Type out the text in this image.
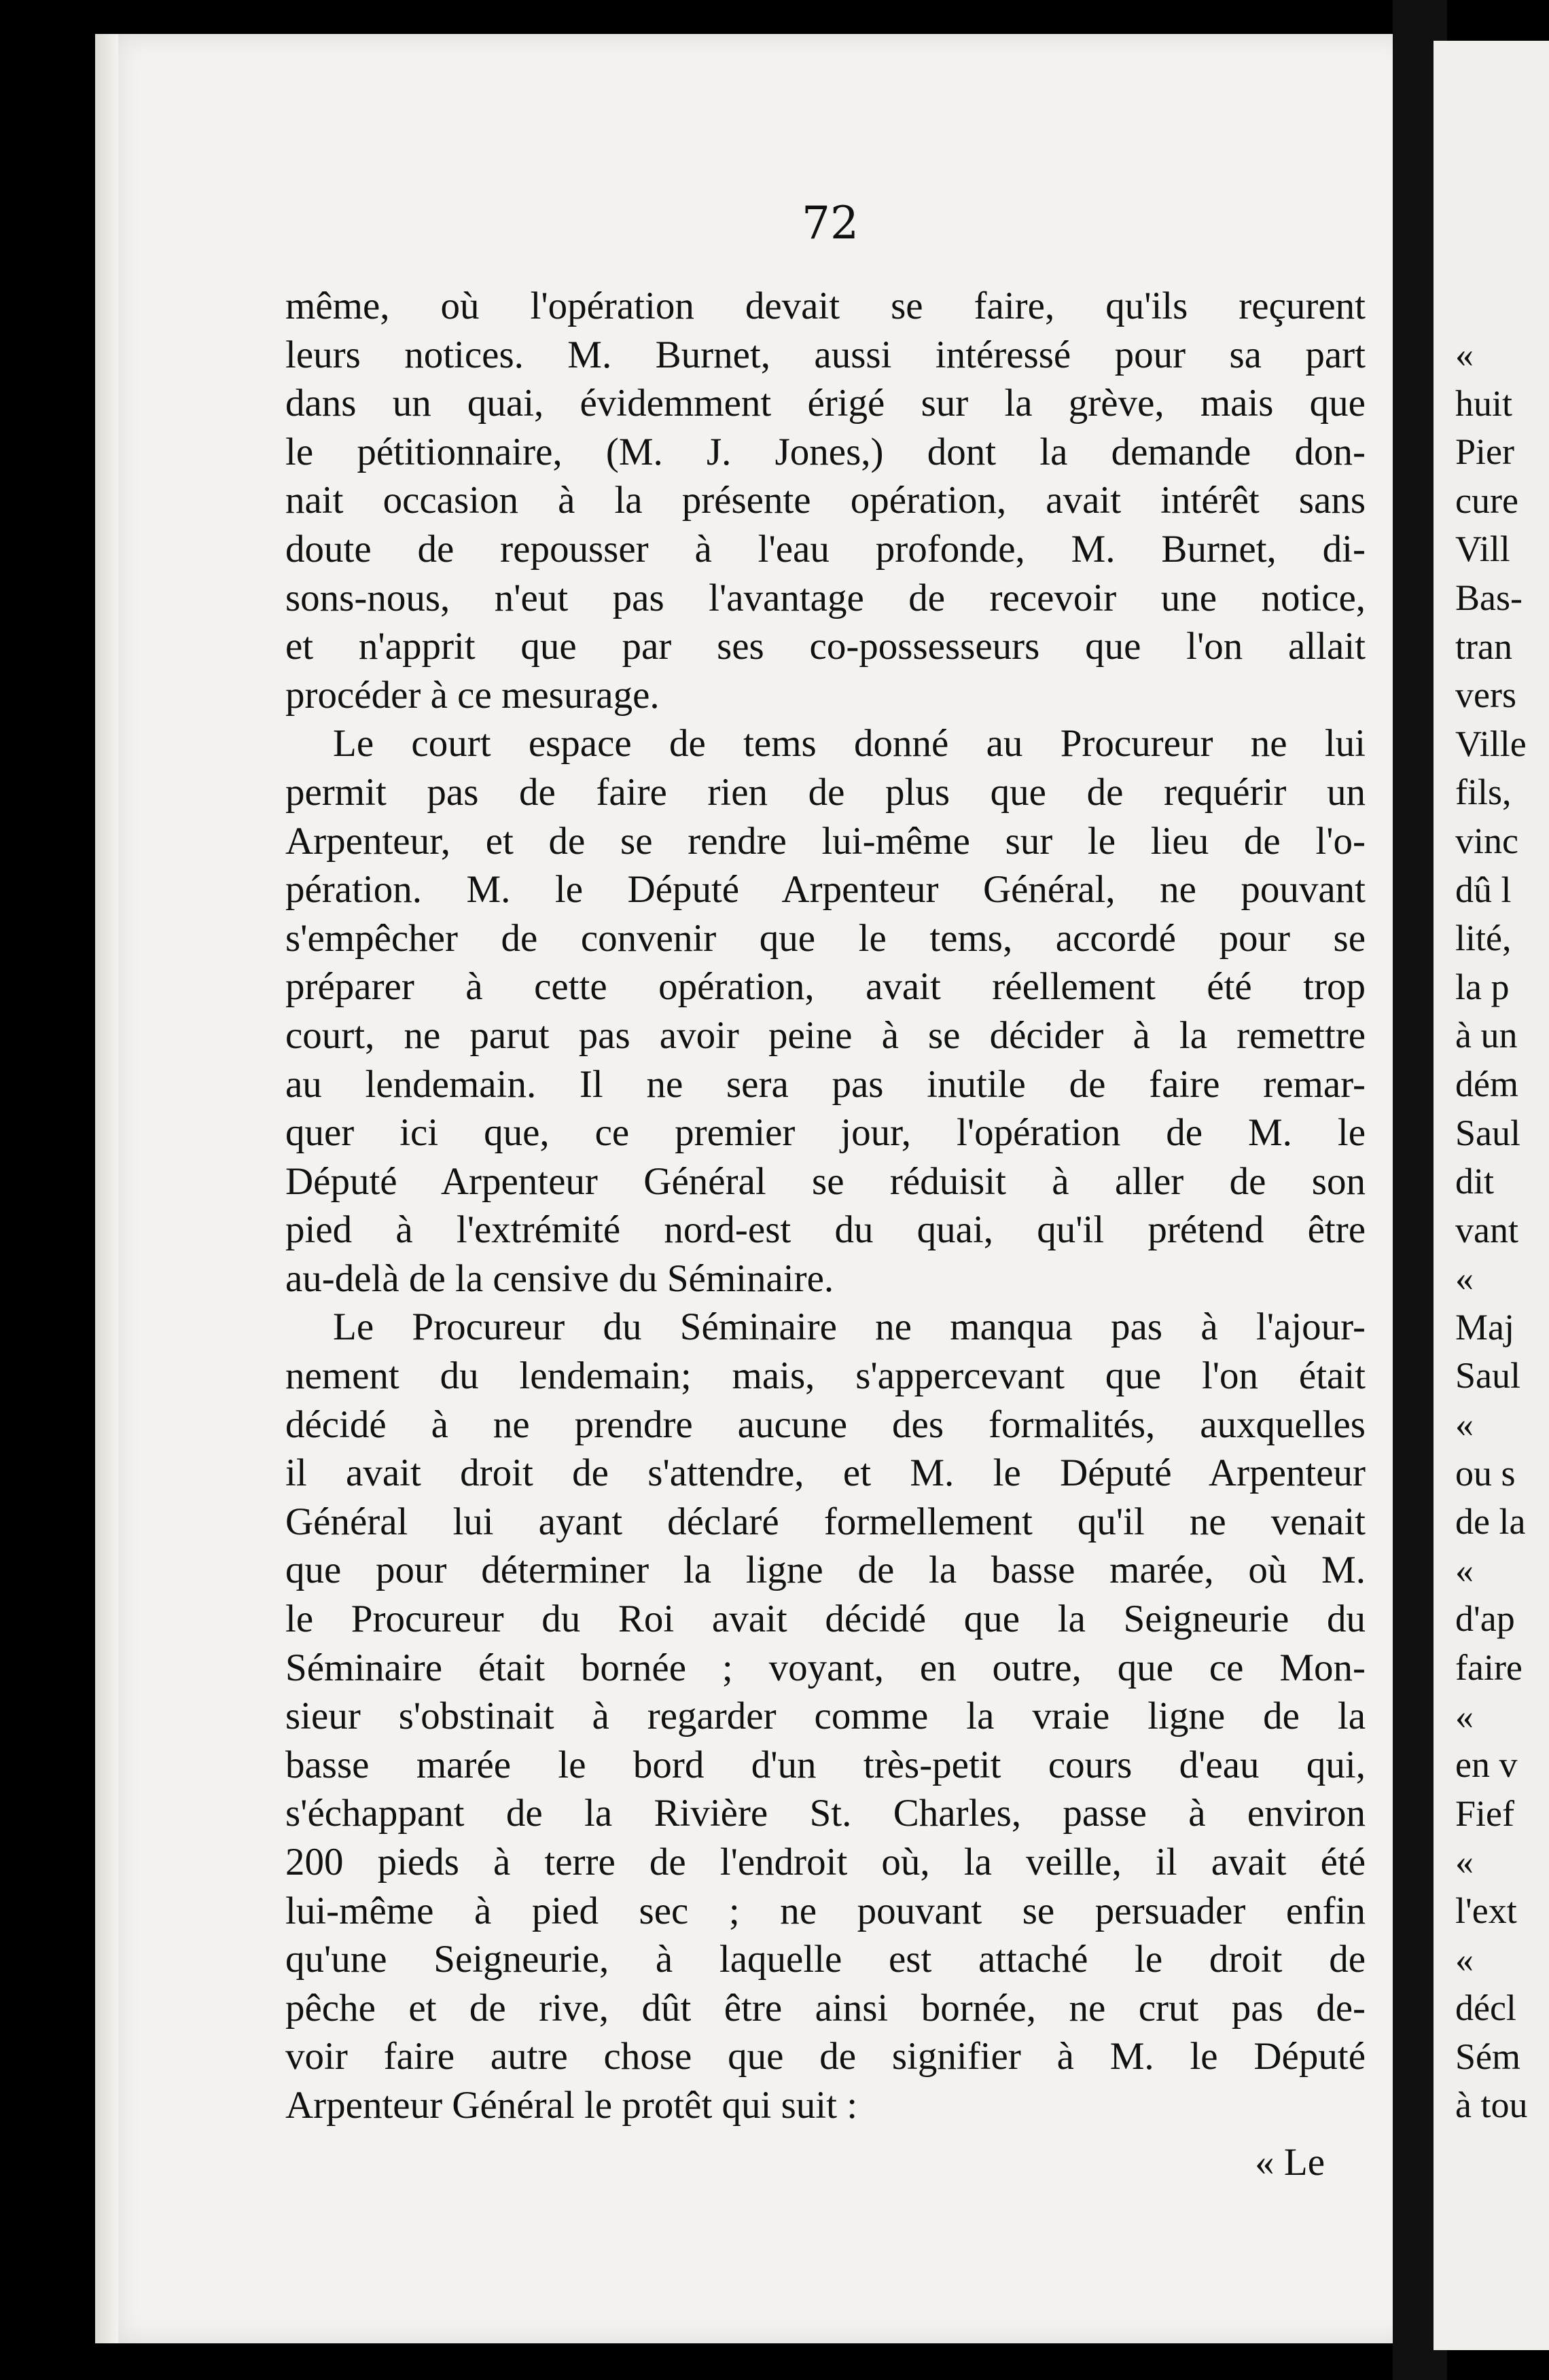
72
même, où l'opération devait se faire, qu'ils reçurent
leurs notices. M. Burnet, aussi intéressé pour sa part
dans un quai, évidemment érigé sur la grève, mais que
le pétitionnaire, (M. J. Jones,) dont la demande don-
nait occasion à la présente opération, avait intérêt sans
doute de repousser à l'eau profonde, M. Burnet, di-
sons-nous, n'eut pas l'avantage de recevoir une notice,
et n'apprit que par ses co-possesseurs que l'on allait
procéder à ce mesurage.
Le court espace de tems donné au Procureur ne lui
permit pas de faire rien de plus que de requérir un
Arpenteur, et de se rendre lui-même sur le lieu de l'o-
pération. M. le Député Arpenteur Général, ne pouvant
s'empêcher de convenir que le tems, accordé pour se
préparer à cette opération, avait réellement été trop
court, ne parut pas avoir peine à se décider à la remettre
au lendemain. Il ne sera pas inutile de faire remar-
quer ici que, ce premier jour, l'opération de M. le
Député Arpenteur Général se réduisit à aller de son
pied à l'extrémité nord-est du quai, qu'il prétend être
au-delà de la censive du Séminaire.
Le Procureur du Séminaire ne manqua pas à l'ajour-
nement du lendemain; mais, s'appercevant que l'on était
décidé à ne prendre aucune des formalités, auxquelles
il avait droit de s'attendre, et M. le Député Arpenteur
Général lui ayant déclaré formellement qu'il ne venait
que pour déterminer la ligne de la basse marée, où M.
le Procureur du Roi avait décidé que la Seigneurie du
Séminaire était bornée ; voyant, en outre, que ce Mon-
sieur s'obstinait à regarder comme la vraie ligne de la
basse marée le bord d'un très-petit cours d'eau qui,
s'échappant de la Rivière St. Charles, passe à environ
200 pieds à terre de l'endroit où, la veille, il avait été
lui-même à pied sec ; ne pouvant se persuader enfin
qu'une Seigneurie, à laquelle est attaché le droit de
pêche et de rive, dût être ainsi bornée, ne crut pas de-
voir faire autre chose que de signifier à M. le Député
Arpenteur Général le protêt qui suit :
« Le
«
huit
Pier
cure
Vill
Bas-
tran
vers
Ville
fils,
vinc
dû l
lité,
la p
à un
dém
Saul
dit
vant
«
Maj
Saul
«
ou s
de la
«
d'ap
faire
«
en v
Fief
«
l'ext
«
décl
Sém
à tou
